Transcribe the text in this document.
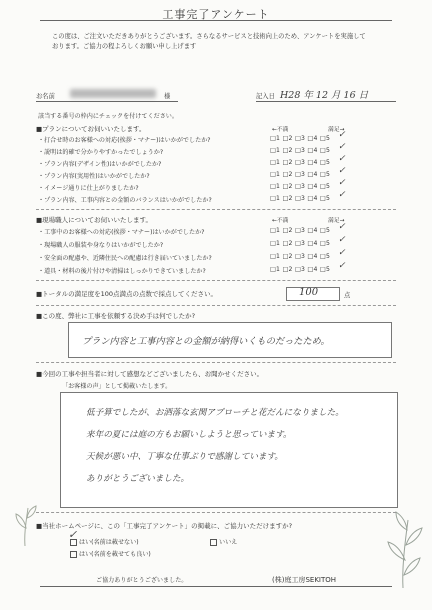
工事完了アンケート
この度は、ご注文いただきありがとうございます。さらなるサービスと技術向上のため、アンケートを実施して
おります。ご協力の程よろしくお願い申し上げます
お名前	様	記入日 H28 年 12 月 16 日
該当する番号の枠内にチェックを付けてください。
■プランについてお伺いいたします。	←不満	満足→
・打合せ時のお客様への対応(挨拶・マナー)はいかがでしたか?	□1 □2 □3 □4 □5 ✓
・説明は的確で分かりやすかったでしょうか?	□1 □2 □3 □4 □5 ✓
・プラン内容(デザイン性)はいかがでしたか?	□1 □2 □3 □4 □5 ✓
・プラン内容(実用性)はいかがでしたか?	□1 □2 □3 □4 □5 ✓
・イメージ通りに仕上がりましたか?	□1 □2 □3 □4 □5 ✓
・プラン内容、工事内容との金額のバランスはいかがでしたか?	□1 □2 □3 □4 □5 ✓
■現場職人についてお伺いいたします。	←不満	満足→
・工事中のお客様への対応(挨拶・マナー)はいかがでしたか?	□1 □2 □3 □4 □5 ✓
・現場職人の服装や身なりはいかがでしたか?	□1 □2 □3 □4 □5 ✓
・安全面の配慮や、近隣住民への配慮は行き届いていましたか?	□1 □2 □3 □4 □5 ✓
・道具・材料の後片付けや清掃はしっかりできていましたか?	□1 □2 □3 □4 □5 ✓
■トータルの満足度を100点満点の点数で採点してください。	100	点
■この度、弊社に工事を依頼する決め手は何でしたか?
プラン内容と工事内容との金額が納得いくものだったため。
■今回の工事や担当者に対して感想などございましたら、お聞かせください。
「お客様の声」として掲載いたします。
低予算でしたが、お洒落な玄関アプローチと花だんになりました。
来年の夏には庭の方もお願いしようと思っています。
天候が悪い中、丁寧な仕事ぶりで感謝しています。
ありがとうございました。
■当社ホームページに、この「工事完了アンケート」の掲載に、ご協力いただけますか?
はい(名前は載せない)
✓
はい(名前を載せても良い)
いいえ
ご協力ありがとうございました。	(株)庭工房SEKITOH
